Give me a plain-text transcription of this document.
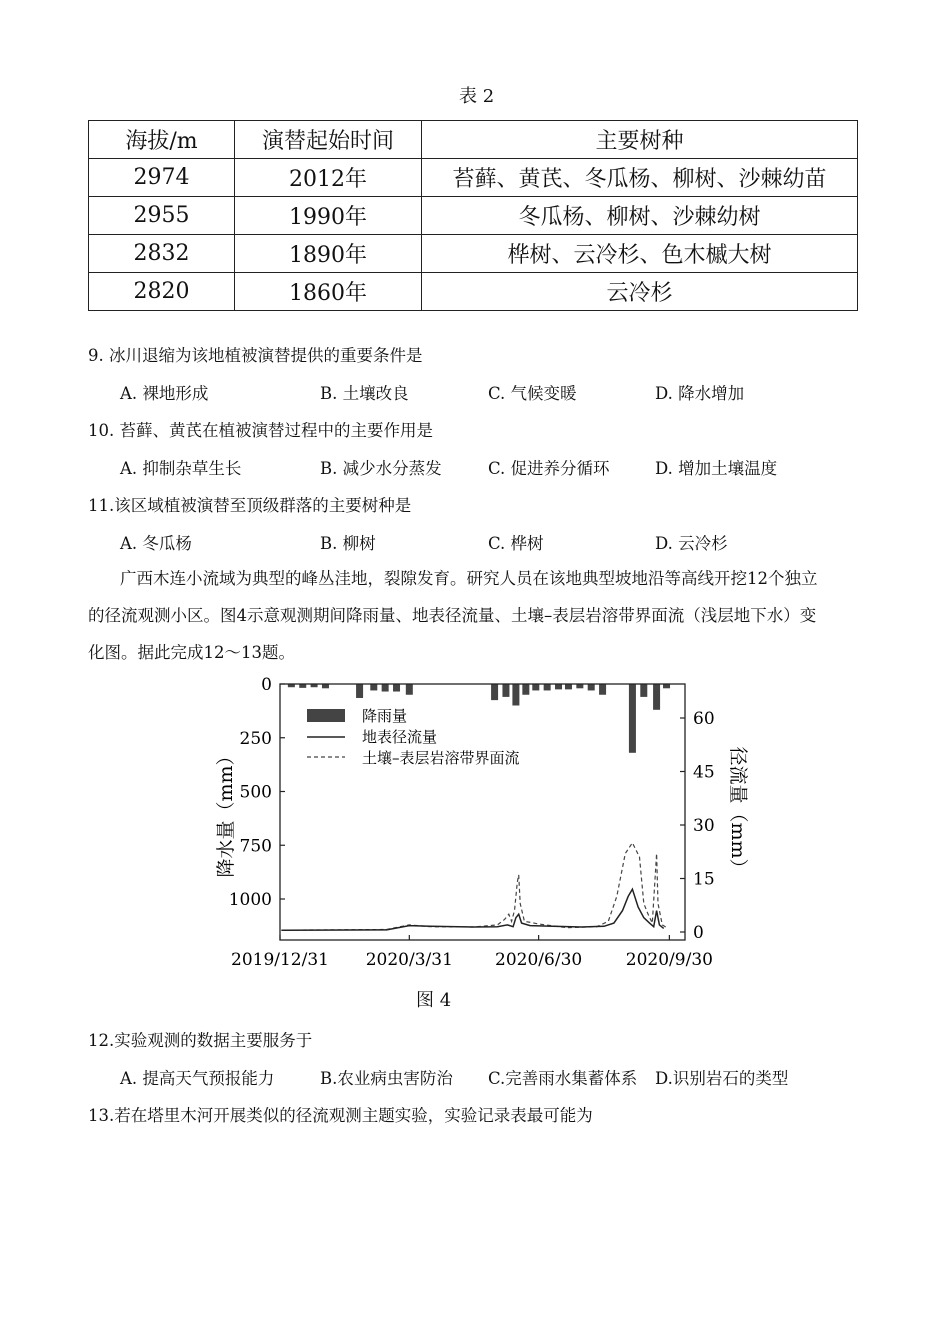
表 2
海拔/m	演替起始时间	主要树种
2974	2012年	苔藓、黄芪、冬瓜杨、柳树、沙棘幼苗
2955	1990年	冬瓜杨、柳树、沙棘幼树
2832	1890年	桦树、云冷杉、色木槭大树
2820	1860年	云冷杉
9. 冰川退缩为该地植被演替提供的重要条件是
A. 裸地形成	B. 土壤改良	C. 气候变暖	D. 降水增加
10. 苔藓、黄芪在植被演替过程中的主要作用是
A. 抑制杂草生长	B. 减少水分蒸发	C. 促进养分循环	D. 增加土壤温度
11.该区域植被演替至顶级群落的主要树种是
A. 冬瓜杨	B. 柳树	C. 桦树	D. 云冷杉
广西木连小流域为典型的峰丛洼地，裂隙发育。研究人员在该地典型坡地沿等高线开挖12个独立
的径流观测小区。图4示意观测期间降雨量、地表径流量、土壤–表层岩溶带界面流（浅层地下水）变
化图。据此完成12～13题。
0
250
500
750
1000
0
15
30
45
60
2019/12/31 2020/3/31 2020/6/30	2020/9/30
降雨量
地表径流量
土壤–表层岩溶带界面流
降水量（mm）	径流量（mm）
图 4
12.实验观测的数据主要服务于
A. 提高天气预报能力	B.农业病虫害防治 C.完善雨水集蓄体系 D.识别岩石的类型
13.若在塔里木河开展类似的径流观测主题实验，实验记录表最可能为
